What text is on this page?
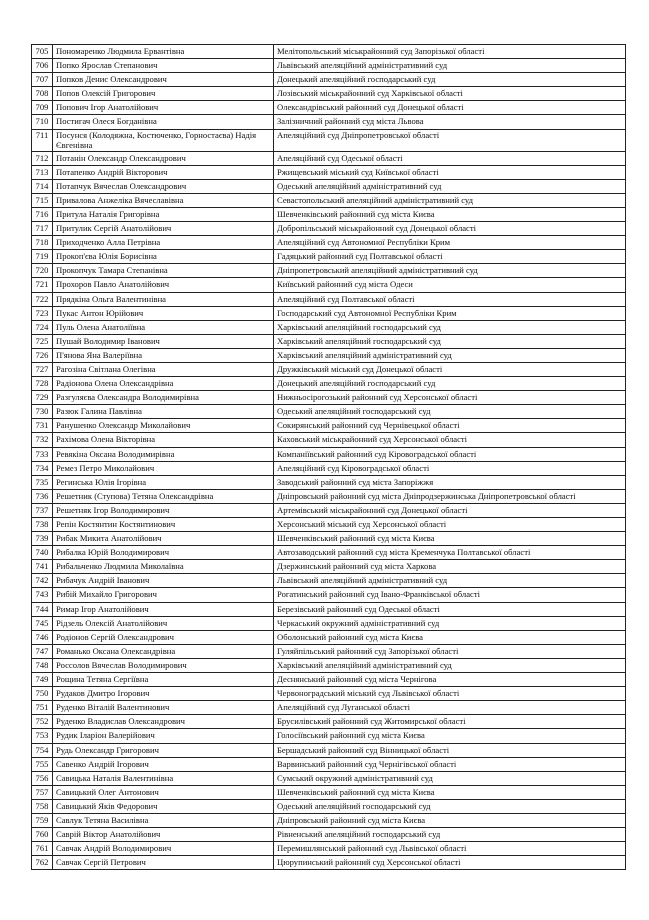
705	Пономаренко Людмила Ервантівна	Мелітопольський міськрайонний суд Запорізької області
706	Попко Ярослав Степанович	Львівський апеляційний адміністративний суд
707	Попков Денис Олександрович	Донецький апеляційний господарський суд
708	Попов Олексій Григорович	Лозівський міськрайонний суд Харківської області
709	Попович Ігор Анатолійович	Олександрівський районний суд Донецької області
710	Постигач Олеся Богданівна	Залізничний районний суд міста Львова
711	Посунся (Колодяжна, Костюченко, Горностаєва) Надія Євгенівна	Апеляційний суд Дніпропетровської області
712	Потанін Олександр Олександрович	Апеляційний суд Одеської області
713	Потапенко Андрій Вікторович	Ржищевський міський суд Київської області
714	Потапчук Вячеслав Олександрович	Одеський апеляційний адміністративний суд
715	Привалова Анжеліка Вячеславівна	Севастопольський апеляційний адміністративний суд
716	Притула Наталія Григорівна	Шевченківський районний суд міста Києва
717	Притулик Сергій Анатолійович	Добропільський міськрайонний суд Донецької області
718	Приходченко Алла Петрівна	Апеляційний суд Автономної Республіки Крим
719	Прокоп'єва Юлія Борисівна	Гадяцький районний суд Полтавської області
720	Прокопчук Тамара Степанівна	Дніпропетровський апеляційний адміністративний суд
721	Прохоров Павло Анатолійович	Київський районний суд міста Одеси
722	Прядкіна Ольга Валентинівна	Апеляційний суд Полтавської області
723	Пукас Антон Юрійович	Господарський суд Автономної Республіки Крим
724	Пуль Олена Анатоліївна	Харківський апеляційний господарський суд
725	Пушай Володимир Іванович	Харківський апеляційний господарський суд
726	П'янова Яна Валеріївна	Харківський апеляційний адміністративний суд
727	Рагозіна Світлана Олегівна	Дружківський міський суд Донецької області
728	Радіонова Олена Олександрівна	Донецький апеляційний господарський суд
729	Разгуляєва Олександра Володимирівна	Нижньосірогозький районний суд Херсонської області
730	Разюк Галина Павлівна	Одеський апеляційний господарський суд
731	Ранушенко Олександр Миколайович	Сокирянський районний суд Чернівецької області
732	Рахімова Олена Вікторівна	Каховський міськрайонний суд Херсонської області
733	Ревякіна Оксана Володимирівна	Компаніївський районний суд Кіровоградської області
734	Ремез Петро Миколайович	Апеляційний суд Кіровоградської області
735	Регинська Юлія Ігорівна	Заводський районний суд міста Запоріжжя
736	Решетник (Ступова) Тетяна Олександрівна	Дніпровський районний суд міста Дніпродзержинська Дніпропетровської області
737	Решетняк Ігор Володимирович	Артемівський міськрайонний суд Донецької області
738	Репін Костянтин Костянтинович	Херсонський міський суд Херсонської області
739	Рибак Микита Анатолійович	Шевченківський районний суд міста Києва
740	Рибалка Юрій Володимирович	Автозаводський районний суд міста Кременчука Полтавської області
741	Рибальченко Людмила Миколаївна	Дзержинський районний суд міста Харкова
742	Рибачук Андрій Іванович	Львівський апеляційний адміністративний суд
743	Рибій Михайло Григорович	Рогатинський районний суд Івано-Франківської області
744	Римар Ігор Анатолійович	Березівський районний суд Одеської області
745	Рідзель Олексій Анатолійович	Черкаський окружний адміністративний суд
746	Родіонов Сергій Олександрович	Оболонський районний суд міста Києва
747	Романько Оксана Олександрівна	Гуляйпільський районний суд Запорізької області
748	Россолов Вячеслав Володимирович	Харківський апеляційний адміністративний суд
749	Рощина Тетяна Сергіївна	Деснянський районний суд міста Чернігова
750	Рудаков Дмитро Ігорович	Червоноградський міський суд Львівської області
751	Руденко Віталій Валентинович	Апеляційний суд Луганської області
752	Руденко Владислав Олександрович	Брусилівський районний суд Житомирської області
753	Рудик Іларіон Валерійович	Голосіївський районний суд міста Києва
754	Рудь Олександр Григорович	Бершадський районний суд Вінницької області
755	Савенко Андрій Ігорович	Варвинський районний суд Чернігівської області
756	Савицька Наталія Валентинівна	Сумський окружний адміністративний суд
757	Савицький Олег Антонович	Шевченківський районний суд міста Києва
758	Савицький Яків Федорович	Одеський апеляційний господарський суд
759	Савлук Тетяна Василівна	Дніпровський районний суд міста Києва
760	Саврій Віктор Анатолійович	Рівненський апеляційний господарський суд
761	Савчак Андрій Володимирович	Перемишлянський районний суд Львівської області
762	Савчак Сергій Петрович	Цюрупинський районний суд Херсонської області
